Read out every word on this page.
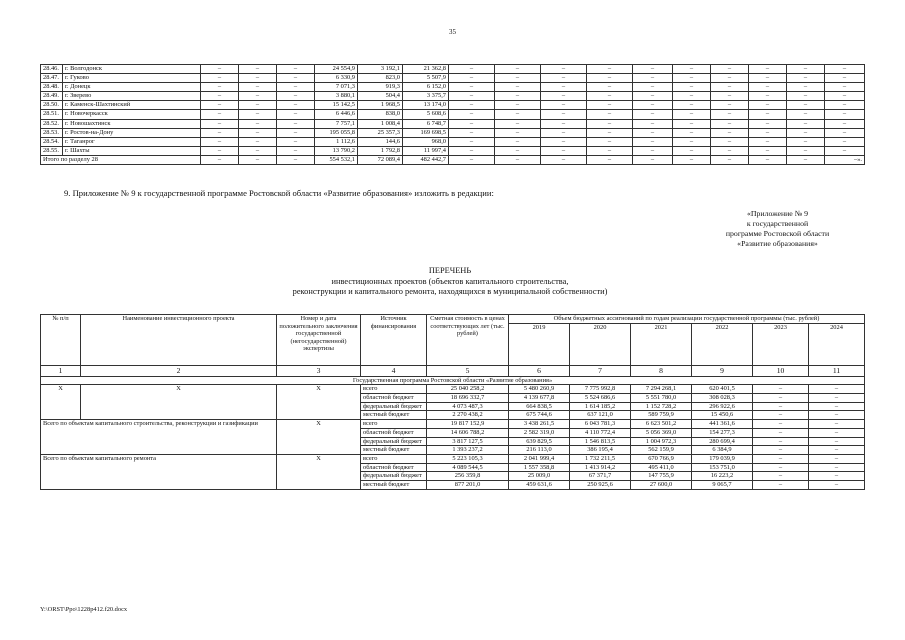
35
28.46.	г. Волгодонск	–	–	–	24 554,9	3 192,1	21 362,8	–	–	–	–	–	–	–	–	–	–
28.47.	г. Гуково	–	–	–	6 330,9	823,0	5 507,9	–	–	–	–	–	–	–	–	–	–
28.48.	г. Донецк	–	–	–	7 071,3	919,3	6 152,0	–	–	–	–	–	–	–	–	–	–
28.49.	г. Зверево	–	–	–	3 880,1	504,4	3 375,7	–	–	–	–	–	–	–	–	–	–
28.50.	г. Каменск-Шахтинский	–	–	–	15 142,5	1 968,5	13 174,0	–	–	–	–	–	–	–	–	–	–
28.51.	г. Новочеркасск	–	–	–	6 446,6	838,0	5 608,6	–	–	–	–	–	–	–	–	–	–
28.52.	г. Новошахтинск	–	–	–	7 757,1	1 008,4	6 748,7	–	–	–	–	–	–	–	–	–	–
28.53.	г. Ростов-на-Дону	–	–	–	195 055,8	25 357,3	169 698,5	–	–	–	–	–	–	–	–	–	–
28.54.	г. Таганрог	–	–	–	1 112,6	144,6	968,0	–	–	–	–	–	–	–	–	–	–
28.55.	г. Шахты	–	–	–	13 790,2	1 792,8	11 997,4	–	–	–	–	–	–	–	–	–	–
Итого по разделу 28		–	–	–	554 532,1	72 089,4	482 442,7	–	–	–	–	–	–	–	–	–	–».
9. Приложение № 9 к государственной программе Ростовской области «Развитие образования» изложить в редакции:
«Приложение № 9
к государственной
программе Ростовской области
«Развитие образования»
ПЕРЕЧЕНЬ
инвестиционных проектов (объектов капитального строительства,
реконструкции и капитального ремонта, находящихся в муниципальной собственности)
№ п/п	Наименование инвестиционного проекта	Номер и дата положительного заключения государственной (негосударственной) экспертизы	Источник финансирования	Сметная стоимость в ценах соответствующих лет (тыс. рублей)	Объем бюджетных ассигнований по годам реализации государственной программы (тыс. рублей)					
					2019	2020	2021	2022	2023	2024
1	2	3	4	5	6	7	8	9	10	11
Государственная программа Ростовской области «Развитие образования»										
X	X	X	всего	25 040 258,2	5 480 260,9	7 775 992,8	7 294 268,1	620 401,5	–	–
			областной бюджет	18 696 332,7	4 139 677,8	5 524 686,6	5 551 780,0	308 028,3	–	–
			федеральный бюджет	4 073 487,3	664 838,5	1 614 185,2	1 152 728,2	296 922,6	–	–
			местный бюджет	2 270 438,2	675 744,6	637 121,0	589 759,9	15 450,6	–	–
Всего по объектам капитального строительства, реконструкции и газификации		X	всего	19 817 152,9	3 438 261,5	6 043 781,3	6 623 501,2	441 361,6	–	–
			областной бюджет	14 606 788,2	2 582 319,0	4 110 772,4	5 056 369,0	154 277,3	–	–
			федеральный бюджет	3 817 127,5	639 829,5	1 546 813,5	1 004 972,3	280 699,4	–	–
			местный бюджет	1 393 237,2	216 113,0	386 195,4	562 159,9	6 384,9	–	–
Всего по объектам капитального ремонта		X	всего	5 223 105,3	2 041 999,4	1 732 211,5	670 766,9	179 039,9	–	–
			областной бюджет	4 089 544,5	1 557 358,8	1 413 914,2	495 411,0	153 751,0	–	–
			федеральный бюджет	256 359,8	25 009,0	67 371,7	147 755,9	16 223,2	–	–
			местный бюджет	877 201,0	459 631,6	250 925,6	27 600,0	9 065,7	–	–
Y:\ORST\Ppo\1228p412.f20.docx
